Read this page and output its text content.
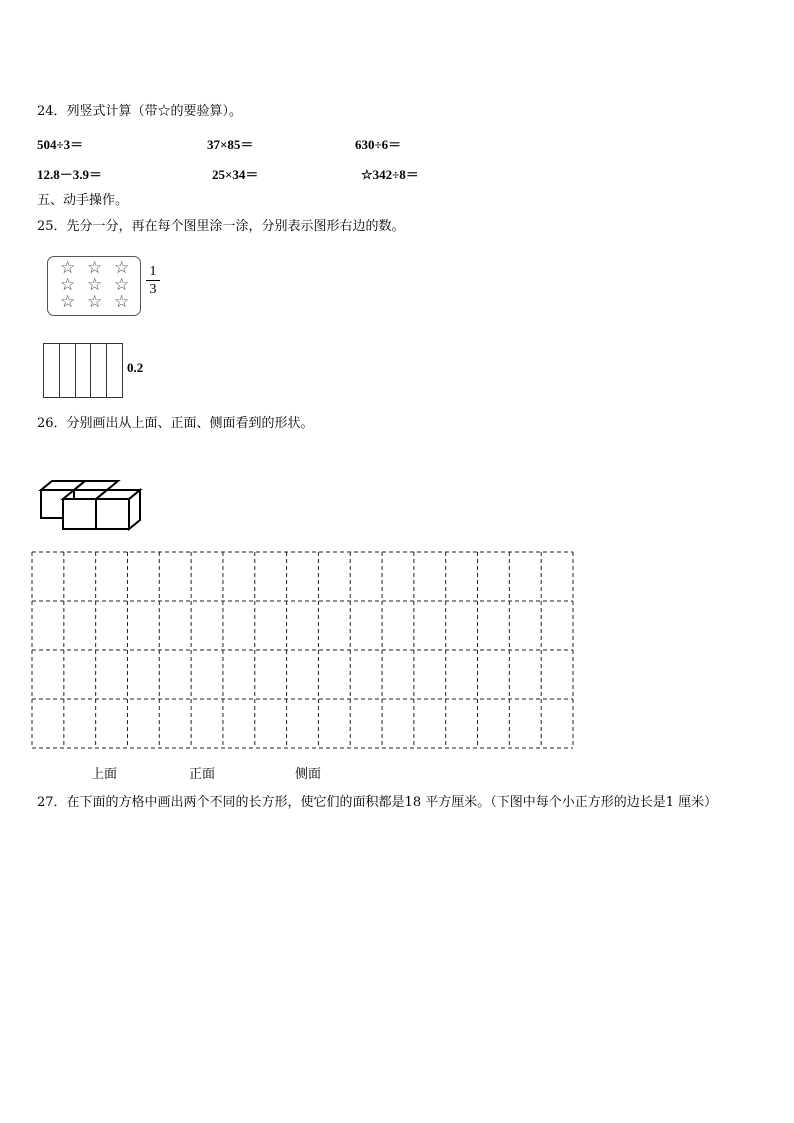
24．列竖式计算（带☆的要验算）。
504÷3＝	37×85＝	630÷6＝
12.8－3.9＝	25×34＝	☆342÷8＝
五、动手操作。
25．先分一分，再在每个图里涂一涂，分别表示图形右边的数。
☆ ☆ ☆
☆ ☆ ☆
☆ ☆ ☆
1
3
0.2
26．分别画出从上面、正面、侧面看到的形状。
上面	正面	侧面
27．在下面的方格中画出两个不同的长方形，使它们的面积都是18 平方厘米。（下图中每个小正方形的边长是1 厘米）
